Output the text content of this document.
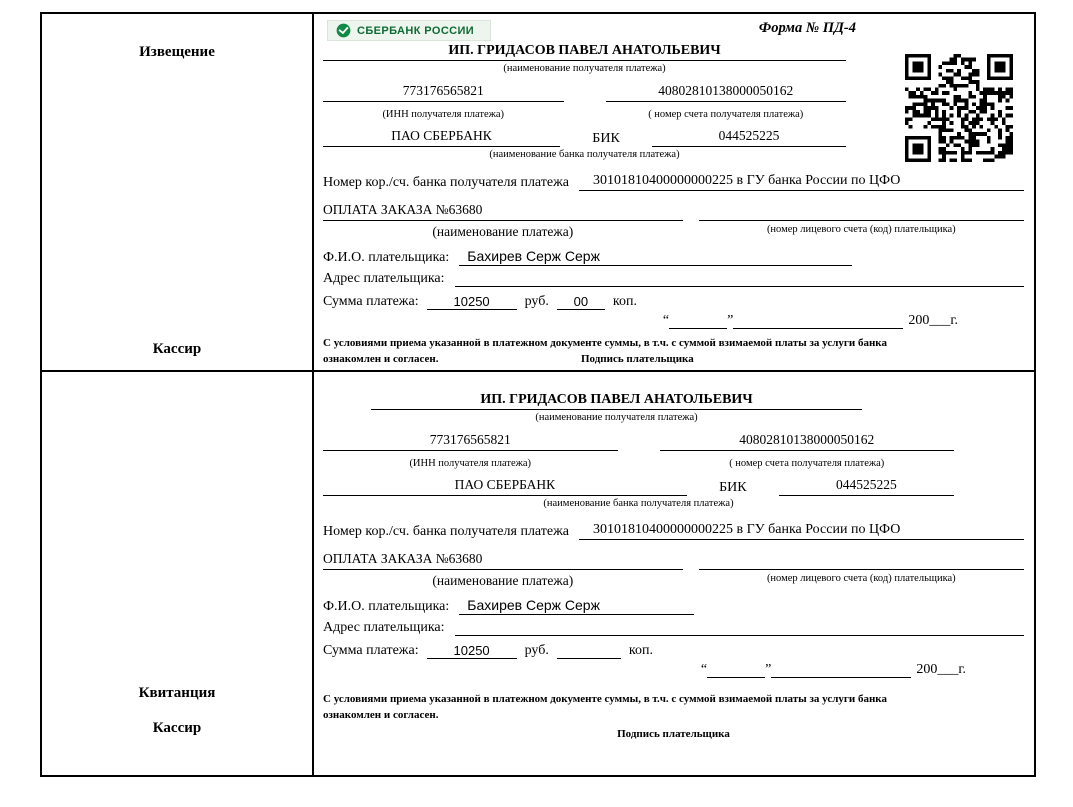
Извещение
Кассир
СБЕРБАНК РОССИИ	Форма № ПД-4
ИП. ГРИДАСОВ ПАВЕЛ АНАТОЛЬЕВИЧ
(наименование получателя платежа)
773176565821	40802810138000050162
(ИНН получателя платежа)	( номер счета получателя платежа)
ПАО СБЕРБАНК	БИК	044525225
(наименование банка получателя платежа)
Номер кор./сч. банка получателя платежа	30101810400000000225 в ГУ банка России по ЦФО
ОПЛАТА ЗАКАЗА №63680
(наименование платежа)	(номер лицевого счета (код) плательщика)
Ф.И.О. плательщика:	Бахирев Серж Серж
Адрес плательщика:
Сумма платежа:	10250	руб.	00	коп.
“	”	200___г.
С условиями приема указанной в платежном документе суммы, в т.ч. с суммой взимаемой платы за услуги банка
ознакомлен и согласен.	Подпись плательщика
Квитанция
Кассир
ИП. ГРИДАСОВ ПАВЕЛ АНАТОЛЬЕВИЧ
(наименование получателя платежа)
773176565821	40802810138000050162
(ИНН получателя платежа)	( номер счета получателя платежа)
ПАО СБЕРБАНК	БИК	044525225
(наименование банка получателя платежа)
Номер кор./сч. банка получателя платежа	30101810400000000225 в ГУ банка России по ЦФО
ОПЛАТА ЗАКАЗА №63680
(наименование платежа)	(номер лицевого счета (код) плательщика)
Ф.И.О. плательщика:	Бахирев Серж Серж
Адрес плательщика:
Сумма платежа:	10250	руб.	коп.
“	”	200___г.
С условиями приема указанной в платежном документе суммы, в т.ч. с суммой взимаемой платы за услуги банка
ознакомлен и согласен.
Подпись плательщика
